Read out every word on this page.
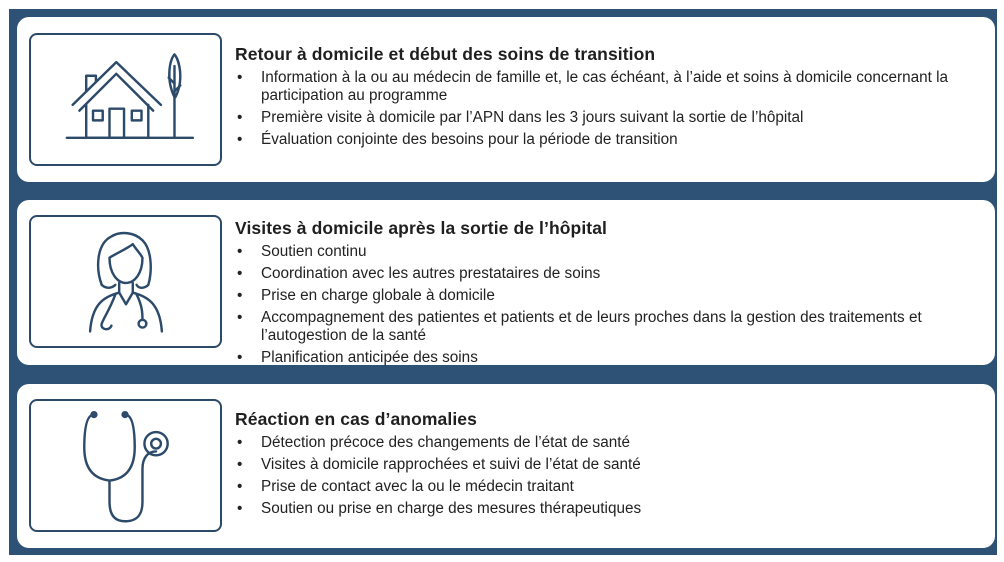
Retour à domicile et début des soins de transition
• Information à la ou au médecin de famille et, le cas échéant, à l’aide et soins à domicile concernant la participation au programme
• Première visite à domicile par l’APN dans les 3 jours suivant la sortie de l’hôpital
• Évaluation conjointe des besoins pour la période de transition
Visites à domicile après la sortie de l’hôpital
• Soutien continu
• Coordination avec les autres prestataires de soins
• Prise en charge globale à domicile
• Accompagnement des patientes et patients et de leurs proches dans la gestion des traitements et l’autogestion de la santé
• Planification anticipée des soins
Réaction en cas d’anomalies
• Détection précoce des changements de l’état de santé
• Visites à domicile rapprochées et suivi de l’état de santé
• Prise de contact avec la ou le médecin traitant
• Soutien ou prise en charge des mesures thérapeutiques
